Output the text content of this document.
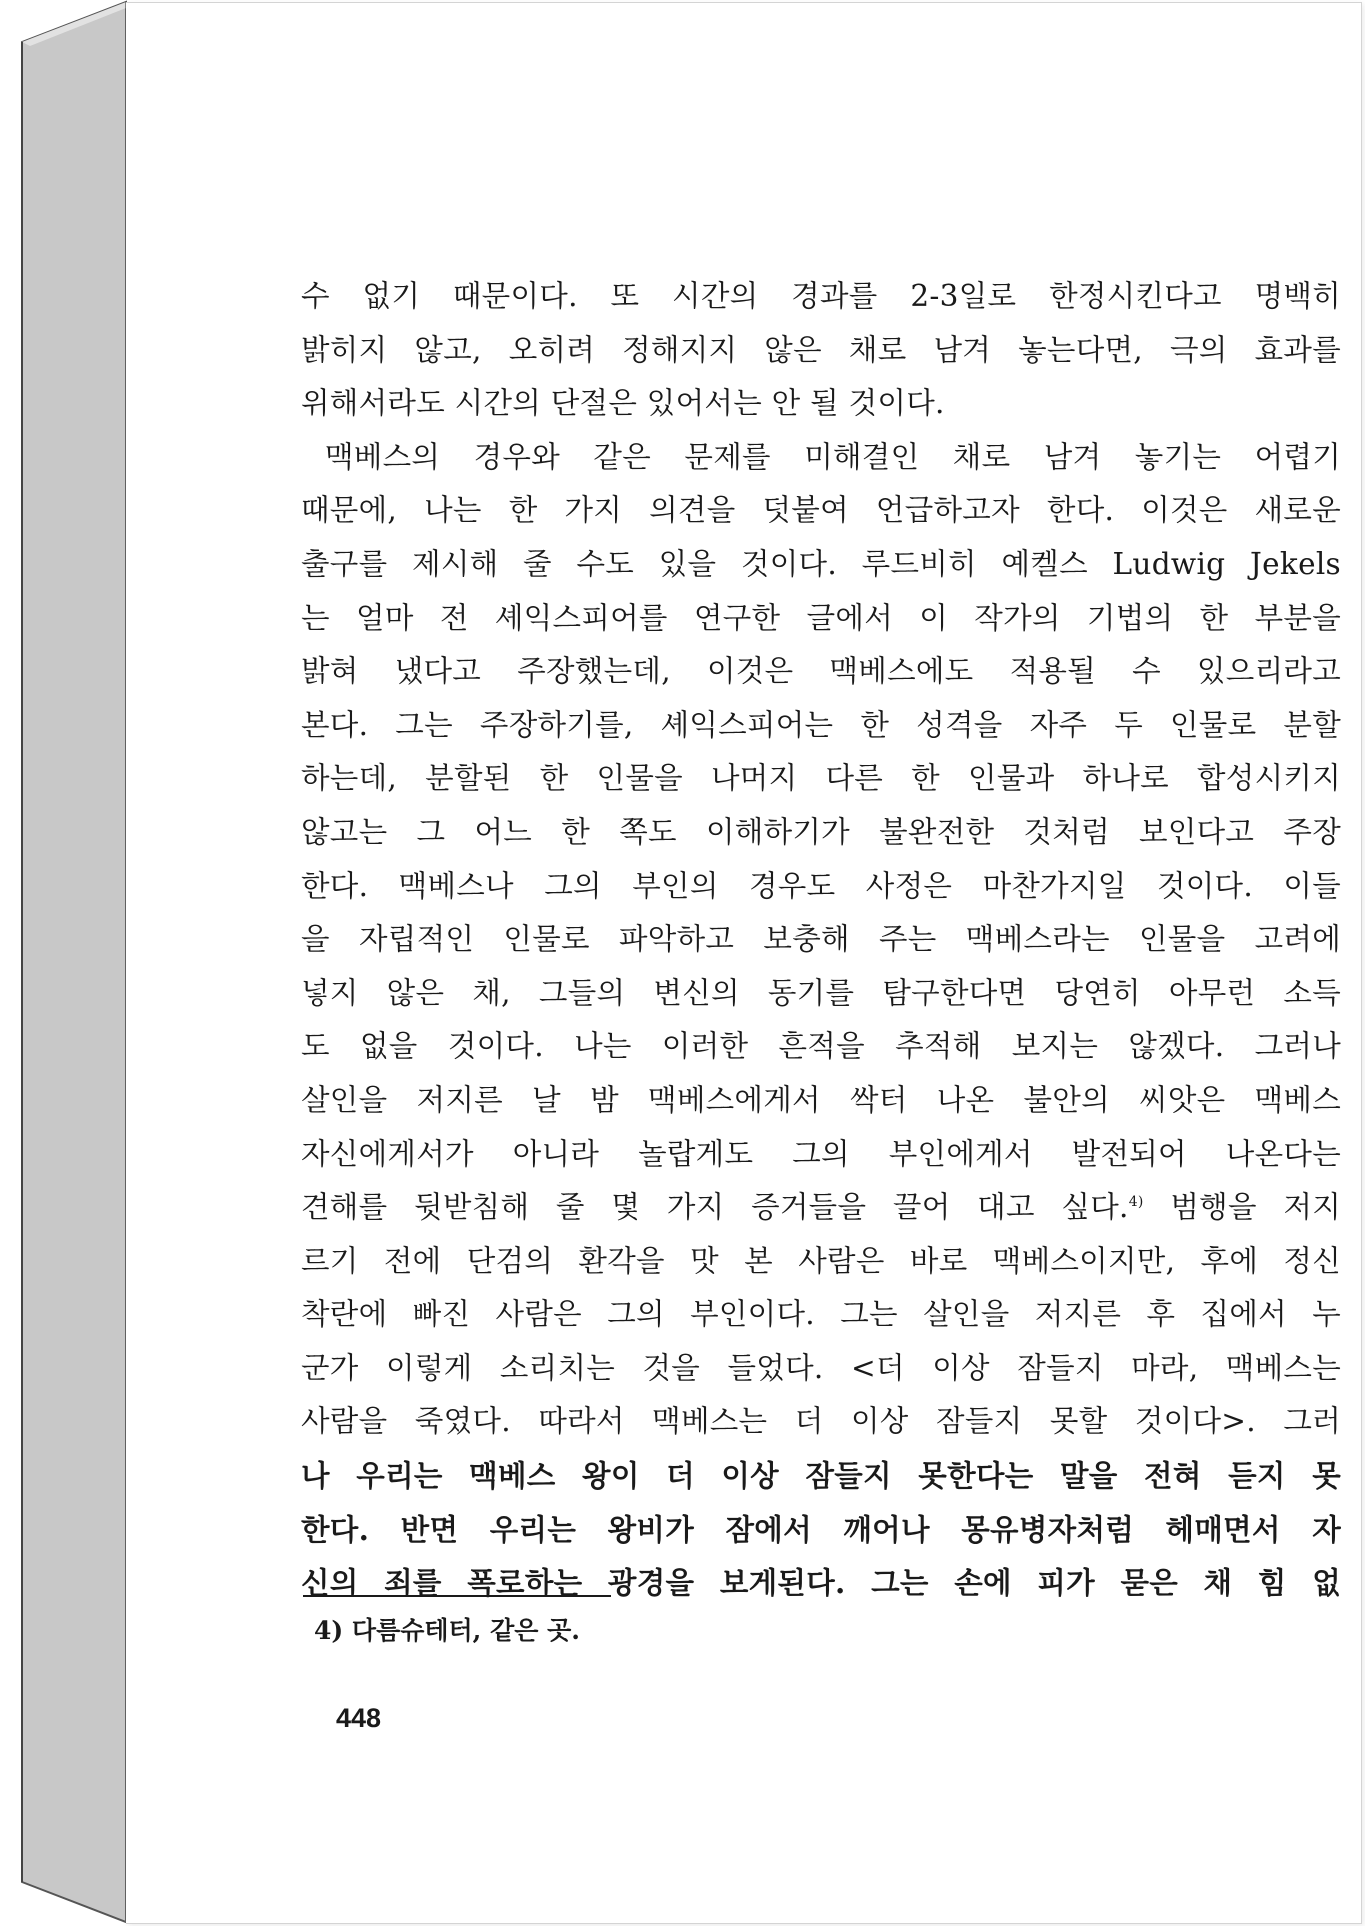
수 없기 때문이다. 또 시간의 경과를 2-3일로 한정시킨다고 명백히
밝히지 않고, 오히려 정해지지 않은 채로 남겨 놓는다면, 극의 효과를
위해서라도 시간의 단절은 있어서는 안 될 것이다.
맥베스의 경우와 같은 문제를 미해결인 채로 남겨 놓기는 어렵기
때문에, 나는 한 가지 의견을 덧붙여 언급하고자 한다. 이것은 새로운
출구를 제시해 줄 수도 있을 것이다. 루드비히 예켈스 Ludwig Jekels
는 얼마 전 셰익스피어를 연구한 글에서 이 작가의 기법의 한 부분을
밝혀 냈다고 주장했는데, 이것은 맥베스에도 적용될 수 있으리라고
본다. 그는 주장하기를, 셰익스피어는 한 성격을 자주 두 인물로 분할
하는데, 분할된 한 인물을 나머지 다른 한 인물과 하나로 합성시키지
않고는 그 어느 한 쪽도 이해하기가 불완전한 것처럼 보인다고 주장
한다. 맥베스나 그의 부인의 경우도 사정은 마찬가지일 것이다. 이들
을 자립적인 인물로 파악하고 보충해 주는 맥베스라는 인물을 고려에
넣지 않은 채, 그들의 변신의 동기를 탐구한다면 당연히 아무런 소득
도 없을 것이다. 나는 이러한 흔적을 추적해 보지는 않겠다. 그러나
살인을 저지른 날 밤 맥베스에게서 싹터 나온 불안의 씨앗은 맥베스
자신에게서가 아니라 놀랍게도 그의 부인에게서 발전되어 나온다는
견해를 뒷받침해 줄 몇 가지 증거들을 끌어 대고 싶다.$^{4)}$ 범행을 저지
르기 전에 단검의 환각을 맛 본 사람은 바로 맥베스이지만, 후에 정신
착란에 빠진 사람은 그의 부인이다. 그는 살인을 저지른 후 집에서 누
군가 이렇게 소리치는 것을 들었다. <더 이상 잠들지 마라, 맥베스는
사람을 죽였다. 따라서 맥베스는 더 이상 잠들지 못할 것이다>. 그러
나 우리는 맥베스 왕이 더 이상 잠들지 못한다는 말을 전혀 듣지 못
한다. 반면 우리는 왕비가 잠에서 깨어나 몽유병자처럼 헤매면서 자
신의 죄를 폭로하는 광경을 보게된다. 그는 손에 피가 묻은 채 힘 없
4) 다름슈테터, 같은 곳.
448
